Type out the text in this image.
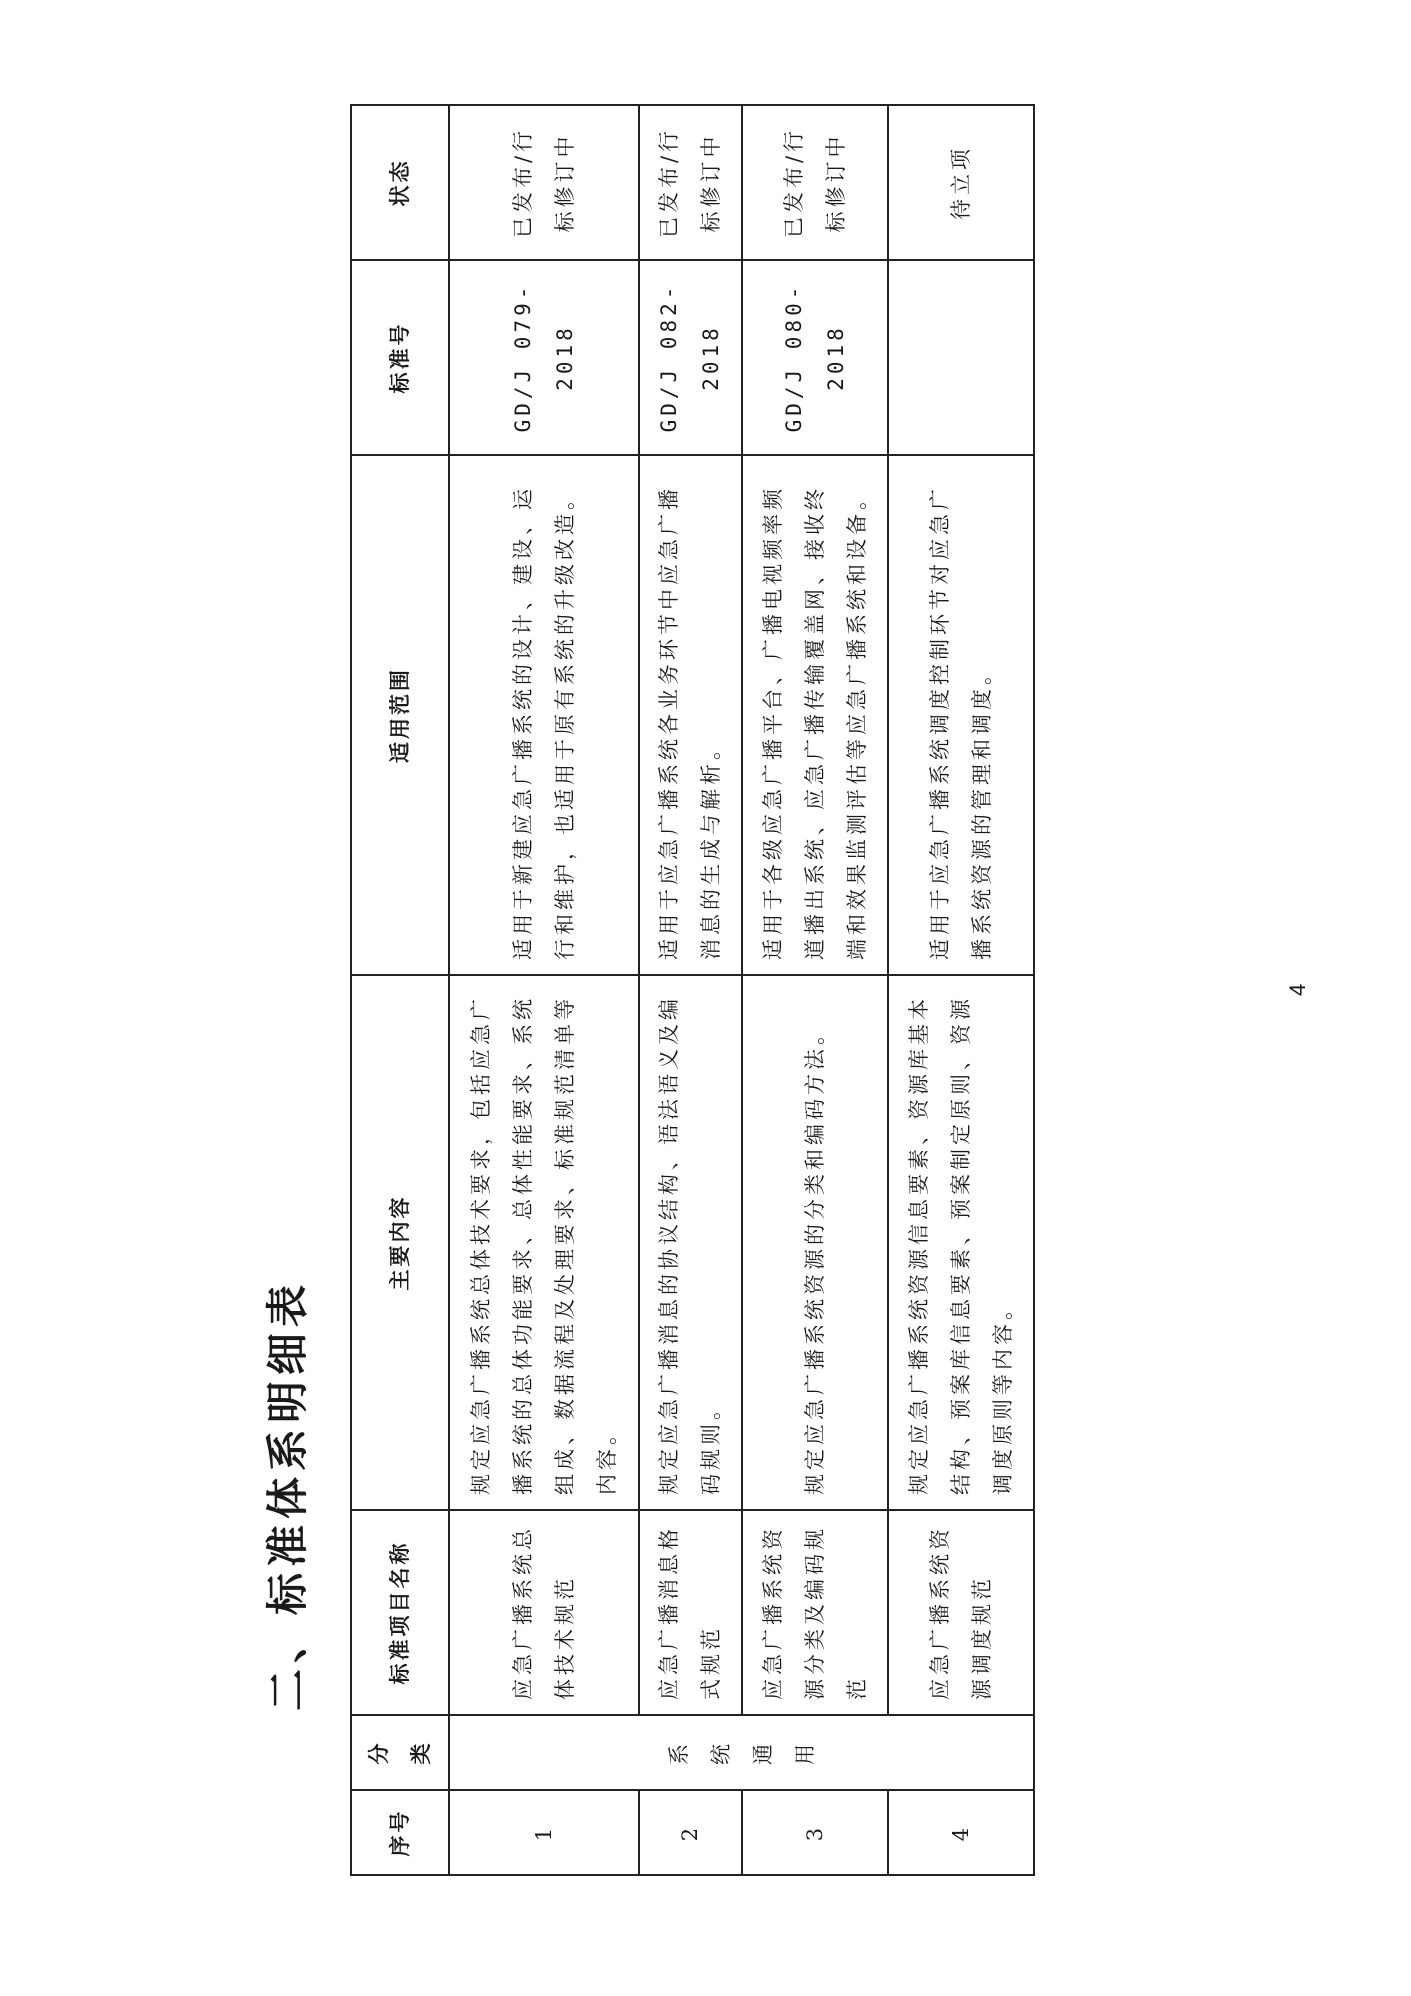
二、标准体系明细表
序号	分类	标准项目名称	主要内容	适用范围	标准号	状态
1	系统通用	应急广播系统总体技术规范	规定应急广播系统总体技术要求，包括应急广播系统的总体功能要求、总体性能要求、系统组成、数据流程及处理要求、标准规范清单等内容。	适用于新建应急广播系统的设计、建设、运行和维护，也适用于原有系统的升级改造。	GD/J 079-2018	已发布/行标修订中
2		应急广播消息格式规范	规定应急广播消息的协议结构、语法语义及编码规则。	适用于应急广播系统各业务环节中应急广播消息的生成与解析。	GD/J 082-2018	已发布/行标修订中
3		应急广播系统资源分类及编码规范	规定应急广播系统资源的分类和编码方法。	适用于各级应急广播平台、广播电视频率频道播出系统、应急广播传输覆盖网、接收终端和效果监测评估等应急广播系统和设备。	GD/J 080-2018	已发布/行标修订中
4		应急广播系统资源调度规范	规定应急广播系统资源信息要素、资源库基本结构、预案库信息要素、预案制定原则、资源调度原则等内容。	适用于应急广播系统调度控制环节对应急广播系统资源的管理和调度。		待立项
4
